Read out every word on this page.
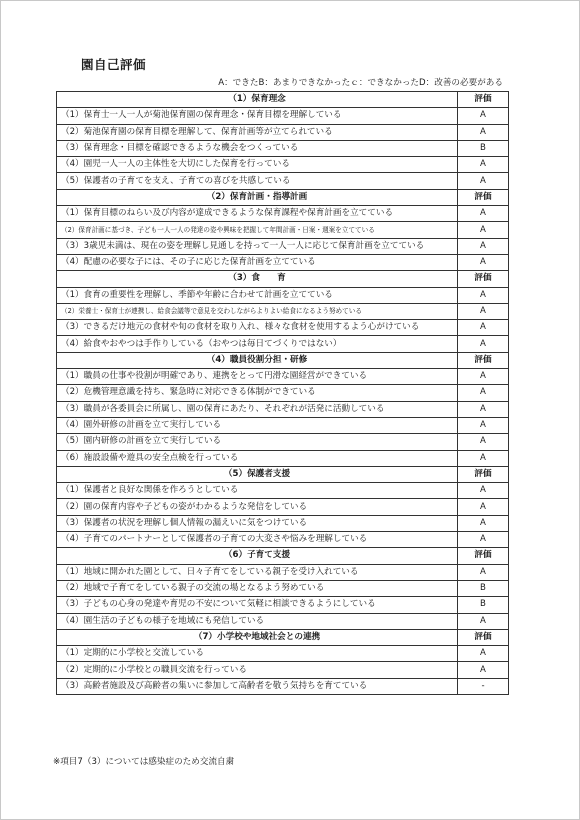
園自己評価
A：できたB：あまりできなかったｃ：できなかったD：改善の必要がある
（1）保育理念	評価
（1）保育士一人一人が菊池保育園の保育理念・保育目標を理解している	A
（2）菊池保育園の保育目標を理解して、保育計画等が立てられている	A
（3）保育理念・目標を確認できるような機会をつくっている	B
（4）園児一人一人の主体性を大切にした保育を行っている	A
（5）保護者の子育てを支え、子育ての喜びを共感している	A
（2）保育計画・指導計画	評価
（1）保育目標のねらい及び内容が達成できるような保育課程や保育計画を立てている	A
（2）保育計画に基づき、子ども一人一人の発達の姿や興味を把握して年間計画・日案・週案を立てている	A
（3）3歳児未満は、現在の姿を理解し見通しを持って一人一人に応じて保育計画を立てている	A
（4）配慮の必要な子には、その子に応じた保育計画を立てている	A
（3）食　　育	評価
（1）食育の重要性を理解し、季節や年齢に合わせて計画を立てている	A
（2）栄養士・保育士が連携し、給食会議等で意見を交わしながらよりよい給食になるよう努めている	A
（3）できるだけ地元の食材や旬の食材を取り入れ、様々な食材を使用するよう心がけている	A
（4）給食やおやつは手作りしている（おやつは毎日てづくりではない）	A
（4）職員役割分担・研修	評価
（1）職員の仕事や役割が明確であり、連携をとって円滑な園経営ができている	A
（2）危機管理意識を持ち、緊急時に対応できる体制ができている	A
（3）職員が各委員会に所属し、園の保育にあたり、それぞれが活発に活動している	A
（4）園外研修の計画を立て実行している	A
（5）園内研修の計画を立て実行している	A
（6）施設設備や遊具の安全点検を行っている	A
（5）保護者支援	評価
（1）保護者と良好な関係を作ろうとしている	A
（2）園の保育内容や子どもの姿がわかるような発信をしている	A
（3）保護者の状況を理解し個人情報の漏えいに気をつけている	A
（4）子育てのパートナーとして保護者の子育ての大変さや悩みを理解している	A
（6）子育て支援	評価
（1）地域に開かれた園として、日々子育てをしている親子を受け入れている	A
（2）地域で子育てをしている親子の交流の場となるよう努めている	B
（3）子どもの心身の発達や育児の不安について気軽に相談できるようにしている	B
（4）園生活の子どもの様子を地域にも発信している	A
（7）小学校や地域社会との連携	評価
（1）定期的に小学校と交流している	A
（2）定期的に小学校との職員交流を行っている	A
（3）高齢者施設及び高齢者の集いに参加して高齢者を敬う気持ちを育てている	-
※項目7（3）については感染症のため交流自粛
